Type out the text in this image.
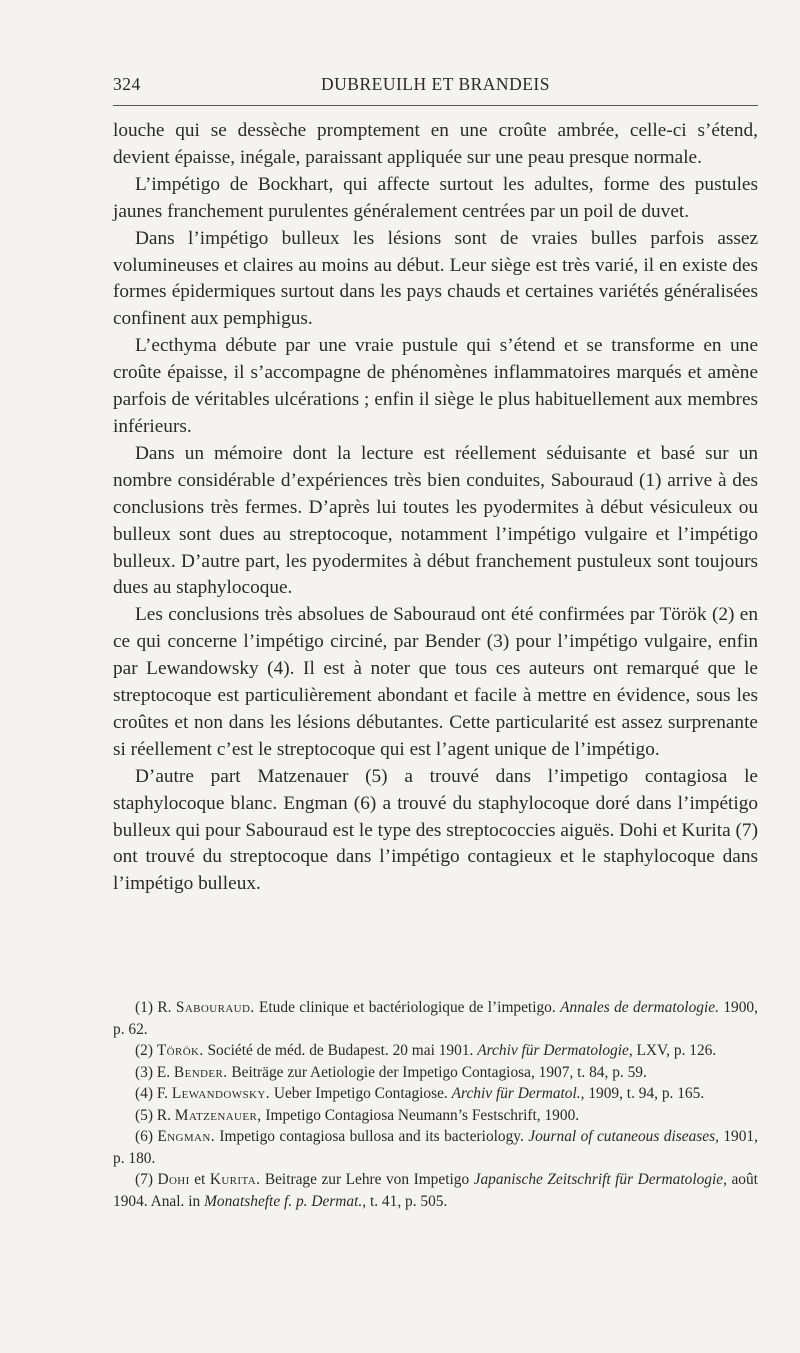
324	DUBREUILH ET BRANDEIS

louche qui se dessèche promptement en une croûte ambrée, celle-ci s’étend, devient épaisse, inégale, paraissant appliquée sur une peau presque normale.

L’impétigo de Bockhart, qui affecte surtout les adultes, forme des pustules jaunes franchement purulentes généralement centrées par un poil de duvet.

Dans l’impétigo bulleux les lésions sont de vraies bulles parfois assez volumineuses et claires au moins au début. Leur siège est très varié, il en existe des formes épidermiques surtout dans les pays chauds et certaines variétés généralisées confinent aux pemphigus.

L’ecthyma débute par une vraie pustule qui s’étend et se transforme en une croûte épaisse, il s’accompagne de phénomènes inflammatoires marqués et amène parfois de véritables ulcérations ; enfin il siège le plus habituellement aux membres inférieurs.

Dans un mémoire dont la lecture est réellement séduisante et basé sur un nombre considérable d’expériences très bien conduites, Sabouraud (1) arrive à des conclusions très fermes. D’après lui toutes les pyodermites à début vésiculeux ou bulleux sont dues au streptocoque, notamment l’impétigo vulgaire et l’impétigo bulleux. D’autre part, les pyodermites à début franchement pustuleux sont toujours dues au staphylocoque.

Les conclusions très absolues de Sabouraud ont été confirmées par Török (2) en ce qui concerne l’impétigo circiné, par Bender (3) pour l’impétigo vulgaire, enfin par Lewandowsky (4). Il est à noter que tous ces auteurs ont remarqué que le streptocoque est particulièrement abondant et facile à mettre en évidence, sous les croûtes et non dans les lésions débutantes. Cette particularité est assez surprenante si réellement c’est le streptocoque qui est l’agent unique de l’impétigo.

D’autre part Matzenauer (5) a trouvé dans l’impetigo contagiosa le staphylocoque blanc. Engman (6) a trouvé du staphylocoque doré dans l’impétigo bulleux qui pour Sabouraud est le type des streptococcies aiguës. Dohi et Kurita (7) ont trouvé du streptocoque dans l’impétigo contagieux et le staphylocoque dans l’impétigo bulleux.

(1) R. Sabouraud. Etude clinique et bactériologique de l’impetigo. Annales de dermatologie. 1900, p. 62.

(2) Török. Société de méd. de Budapest. 20 mai 1901. Archiv für Dermatologie, LXV, p. 126.

(3) E. Bender. Beiträge zur Aetiologie der Impetigo Contagiosa, 1907, t. 84, p. 59.

(4) F. Lewandowsky. Ueber Impetigo Contagiose. Archiv für Dermatol., 1909, t. 94, p. 165.

(5) R. Matzenauer, Impetigo Contagiosa Neumann’s Festschrift, 1900.

(6) Engman. Impetigo contagiosa bullosa and its bacteriology. Journal of cutaneous diseases, 1901, p. 180.

(7) Dohi et Kurita. Beitrage zur Lehre von Impetigo Japanische Zeitschrift für Dermatologie, août 1904. Anal. in Monatshefte f. p. Dermat., t. 41, p. 505.
